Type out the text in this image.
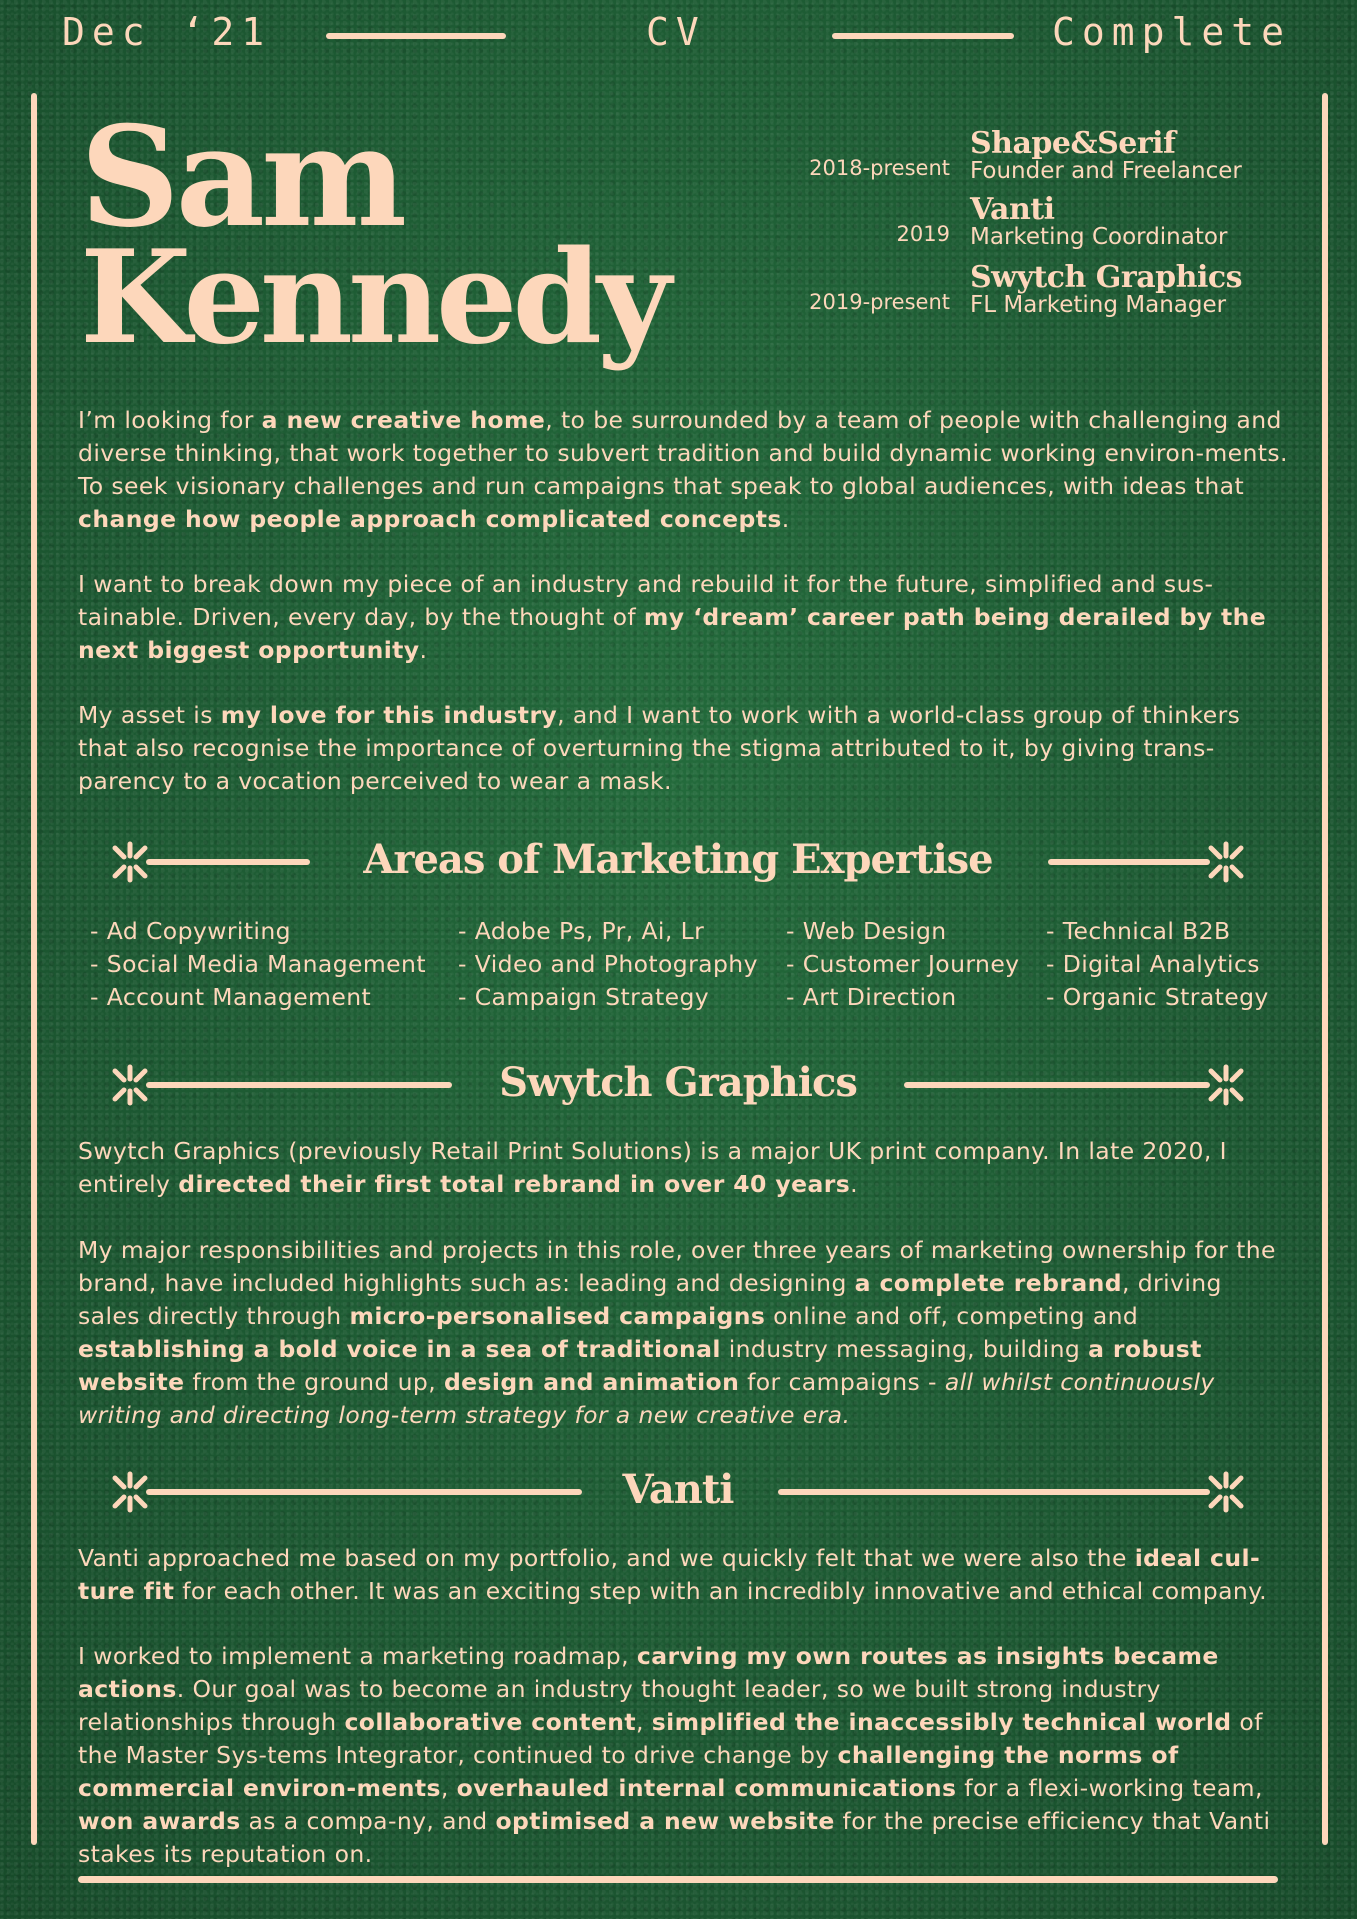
Dec ‘21	CV	Complete
Sam
Kennedy
2018-present
Shape&Serif
Founder and Freelancer
2019
Vanti
Marketing Coordinator
2019-present
Swytch Graphics
FL Marketing Manager
I’m looking for a new creative home, to be surrounded by a team of people with challenging and diverse thinking, that work together to subvert tradition and build dynamic working environ-ments. To seek visionary challenges and run campaigns that speak to global audiences, with ideas that change how people approach complicated concepts.
I want to break down my piece of an industry and rebuild it for the future, simplified and sus-tainable. Driven, every day, by the thought of my ‘dream’ career path being derailed by the next biggest opportunity.
My asset is my love for this industry, and I want to work with a world-class group of thinkers that also recognise the importance of overturning the stigma attributed to it, by giving trans-parency to a vocation perceived to wear a mask.
Areas of Marketing Expertise
- Ad Copywriting
- Social Media Management
- Account Management
- Adobe Ps, Pr, Ai, Lr
- Video and Photography
- Campaign Strategy
- Web Design
- Customer Journey
- Art Direction
- Technical B2B
- Digital Analytics
- Organic Strategy
Swytch Graphics
Swytch Graphics (previously Retail Print Solutions) is a major UK print company. In late 2020, I entirely directed their first total rebrand in over 40 years.
My major responsibilities and projects in this role, over three years of marketing ownership for the brand, have included highlights such as: leading and designing a complete rebrand, driving sales directly through micro-personalised campaigns online and off, competing and establishing a bold voice in a sea of traditional industry messaging, building a robust website from the ground up, design and animation for campaigns - all whilst continuously writing and directing long-term strategy for a new creative era.
Vanti
Vanti approached me based on my portfolio, and we quickly felt that we were also the ideal cul-ture fit for each other. It was an exciting step with an incredibly innovative and ethical company.
I worked to implement a marketing roadmap, carving my own routes as insights became actions. Our goal was to become an industry thought leader, so we built strong industry relationships through collaborative content, simplified the inaccessibly technical world of the Master Sys-tems Integrator, continued to drive change by challenging the norms of commercial environ-ments, overhauled internal communications for a flexi-working team, won awards as a compa-ny, and optimised a new website for the precise efficiency that Vanti stakes its reputation on.
